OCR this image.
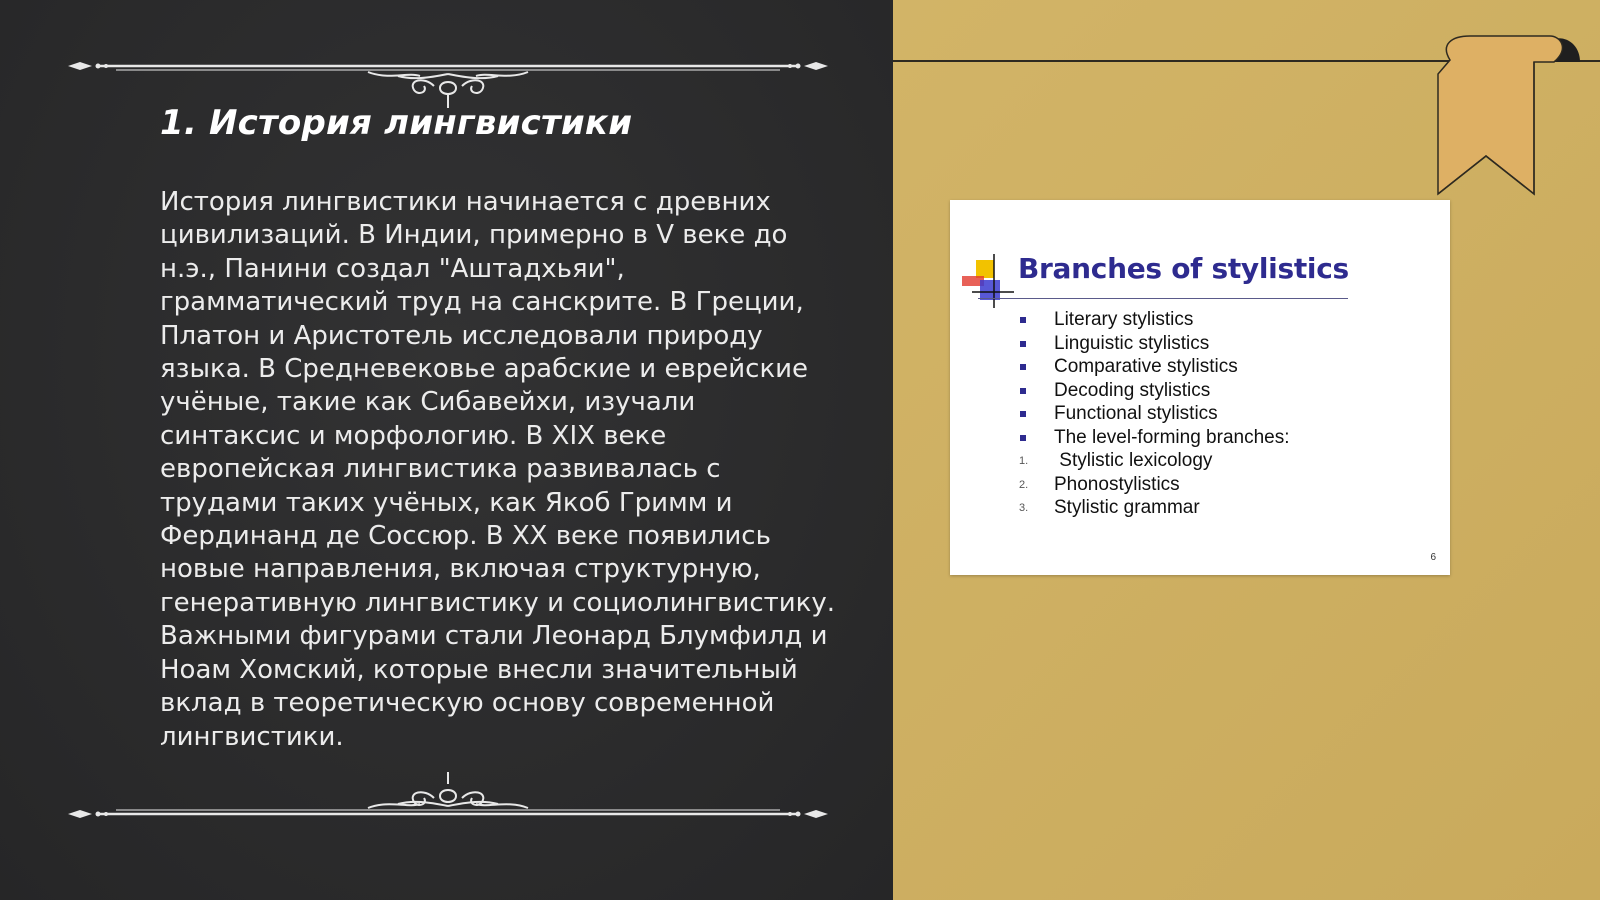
1. История лингвистики

История лингвистики начинается с древних цивилизаций. В Индии, примерно в V веке до н.э., Панини создал "Аштадхьяи", грамматический труд на санскрите. В Греции, Платон и Аристотель исследовали природу языка. В Средневековье арабские и еврейские учёные, такие как Сибавейхи, изучали синтаксис и морфологию. В XIX веке европейская лингвистика развивалась с трудами таких учёных, как Якоб Гримм и Фердинанд де Соссюр. В XX веке появились новые направления, включая структурную, генеративную лингвистику и социолингвистику. Важными фигурами стали Леонард Блумфилд и Ноам Хомский, которые внесли значительный вклад в теоретическую основу современной лингвистики.

Branches of stylistics
Literary stylistics
Linguistic stylistics
Comparative stylistics
Decoding stylistics
Functional stylistics
The level-forming branches:
1. Stylistic lexicology
2. Phonostylistics
3. Stylistic grammar
6
